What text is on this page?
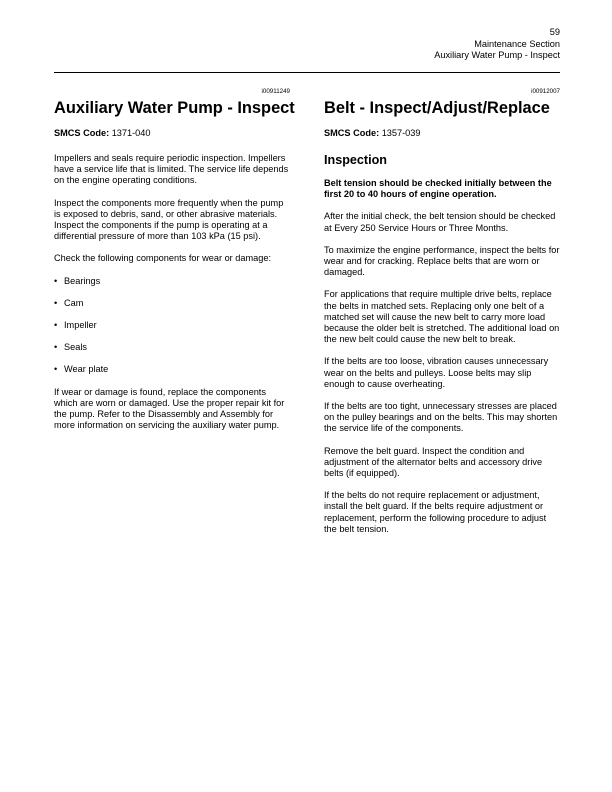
59
Maintenance Section
Auxiliary Water Pump - Inspect
i00911249
Auxiliary Water Pump - Inspect
SMCS Code: 1371-040

Impellers and seals require periodic inspection. Impellers have a service life that is limited. The service life depends on the engine operating conditions.

Inspect the components more frequently when the pump is exposed to debris, sand, or other abrasive materials. Inspect the components if the pump is operating at a differential pressure of more than 103 kPa (15 psi).

Check the following components for wear or damage:

• Bearings
• Cam
• Impeller
• Seals
• Wear plate

If wear or damage is found, replace the components which are worn or damaged. Use the proper repair kit for the pump. Refer to the Disassembly and Assembly for more information on servicing the auxiliary water pump.

i00912007
Belt - Inspect/Adjust/Replace
SMCS Code: 1357-039
Inspection

Belt tension should be checked initially between the first 20 to 40 hours of engine operation.

After the initial check, the belt tension should be checked at Every 250 Service Hours or Three Months.

To maximize the engine performance, inspect the belts for wear and for cracking. Replace belts that are worn or damaged.

For applications that require multiple drive belts, replace the belts in matched sets. Replacing only one belt of a matched set will cause the new belt to carry more load because the older belt is stretched. The additional load on the new belt could cause the new belt to break.

If the belts are too loose, vibration causes unnecessary wear on the belts and pulleys. Loose belts may slip enough to cause overheating.

If the belts are too tight, unnecessary stresses are placed on the pulley bearings and on the belts. This may shorten the service life of the components.

Remove the belt guard. Inspect the condition and adjustment of the alternator belts and accessory drive belts (if equipped).

If the belts do not require replacement or adjustment, install the belt guard. If the belts require adjustment or replacement, perform the following procedure to adjust the belt tension.
